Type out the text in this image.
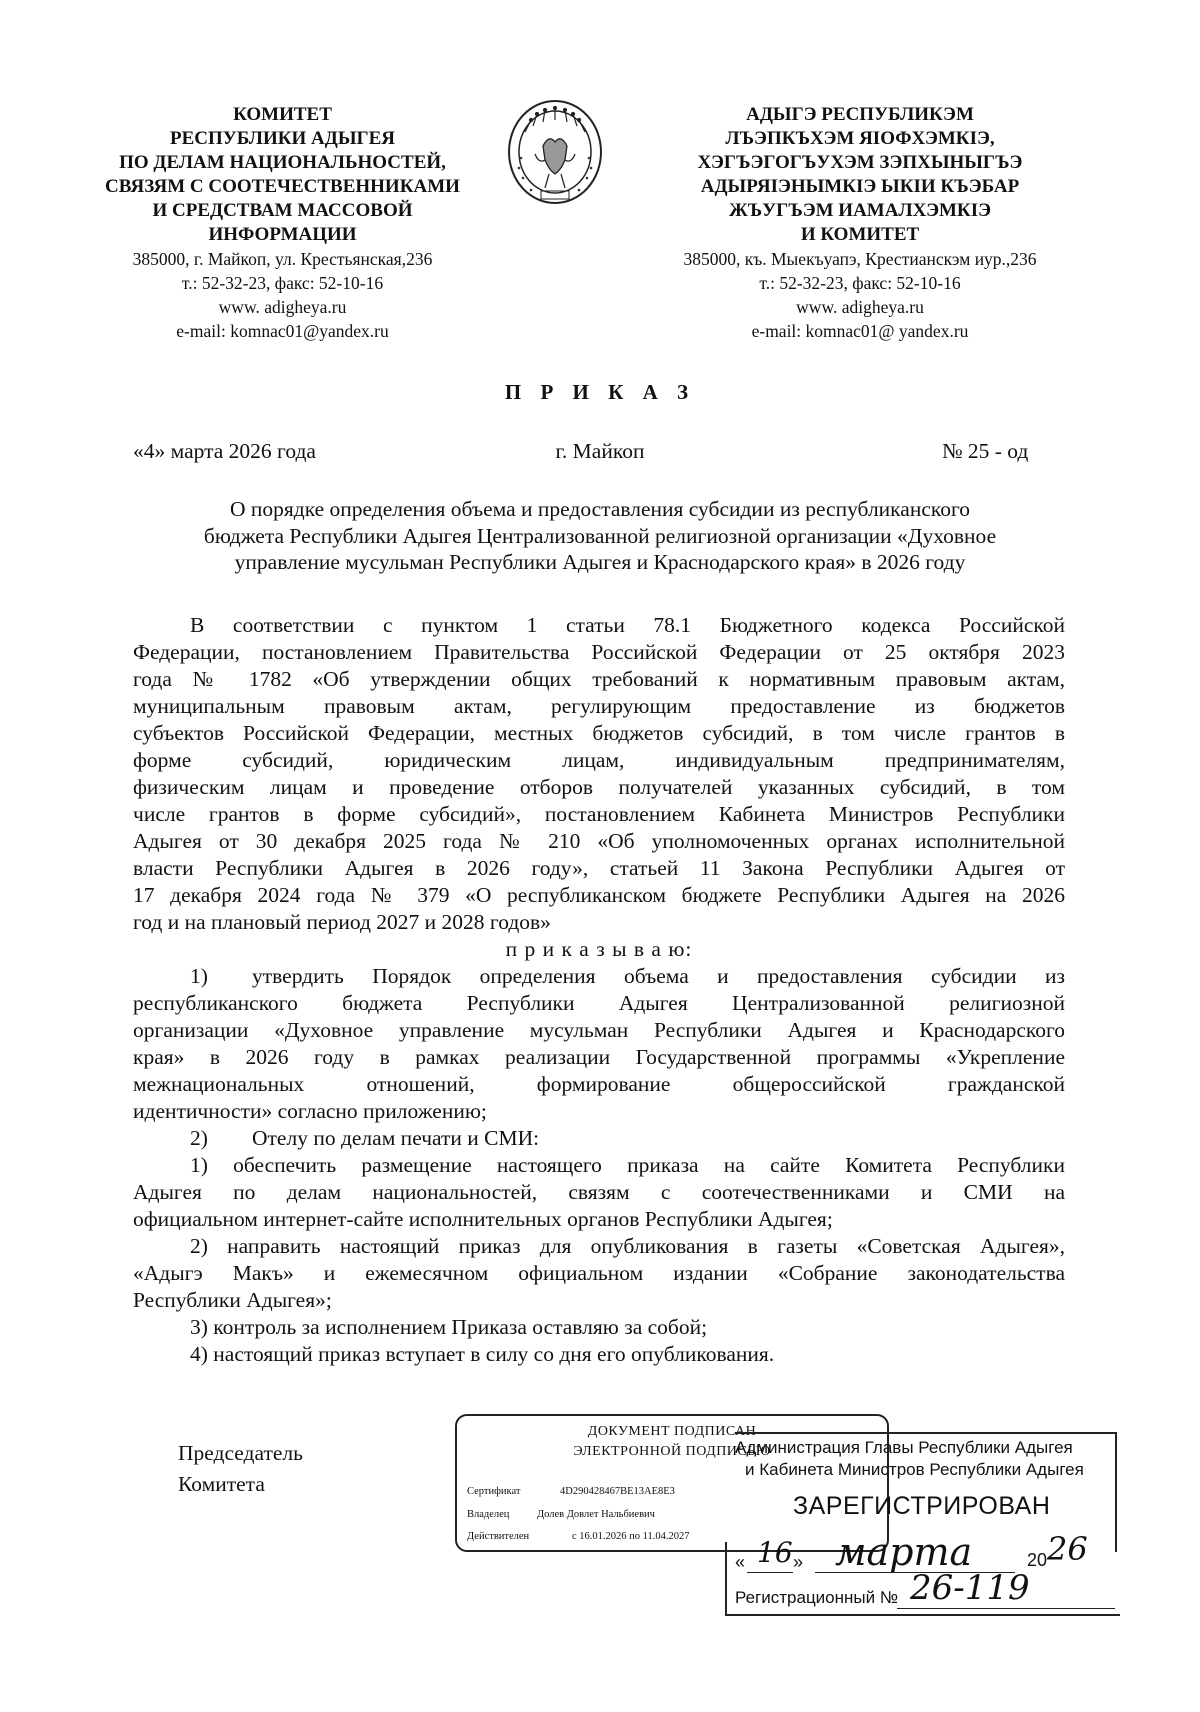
КОМИТЕТ
РЕСПУБЛИКИ АДЫГЕЯ
ПО ДЕЛАМ НАЦИОНАЛЬНОСТЕЙ,
СВЯЗЯМ С СООТЕЧЕСТВЕННИКАМИ
И СРЕДСТВАМ МАССОВОЙ
ИНФОРМАЦИИ
385000, г. Майкоп, ул. Крестьянская,236
т.: 52-32-23, факс: 52-10-16
www. adigheya.ru
e-mail: komnac01@yandex.ru
АДЫГЭ РЕСПУБЛИКЭМ
ЛЪЭПКЪХЭМ ЯIОФХЭМКIЭ,
ХЭГЪЭГОГЪУХЭМ ЗЭПХЫНЫГЪЭ
АДЫРЯIЭНЫМКIЭ ЫКIИ КЪЭБАР
ЖЪУГЪЭМ ИАМАЛХЭМКIЭ
И КОМИТЕТ
385000, къ. Мыекъуапэ, Крестианскэм иур.,236
т.: 52-32-23, факс: 52-10-16
www. adigheya.ru
e-mail: komnac01@ yandex.ru
П Р И К А З
«4» марта 2026 года	г. Майкоп	№ 25 - од
О порядке определения объема и предоставления субсидии из республиканского
бюджета Республики Адыгея Централизованной религиозной организации «Духовное
управление мусульман Республики Адыгея и Краснодарского края» в 2026 году
В соответствии с пунктом 1 статьи 78.1 Бюджетного кодекса Российской
Федерации, постановлением Правительства Российской Федерации от 25 октября 2023
года № 1782 «Об утверждении общих требований к нормативным правовым актам,
муниципальным правовым актам, регулирующим предоставление из бюджетов
субъектов Российской Федерации, местных бюджетов субсидий, в том числе грантов в
форме субсидий, юридическим лицам, индивидуальным предпринимателям,
физическим лицам и проведение отборов получателей указанных субсидий, в том
числе грантов в форме субсидий», постановлением Кабинета Министров Республики
Адыгея от 30 декабря 2025 года № 210 «Об уполномоченных органах исполнительной
власти Республики Адыгея в 2026 году», статьей 11 Закона Республики Адыгея от
17 декабря 2024 года № 379 «О республиканском бюджете Республики Адыгея на 2026
год и на плановый период 2027 и 2028 годов»
п р и к а з ы в а ю:
1) утвердить Порядок определения объема и предоставления субсидии из
республиканского бюджета Республики Адыгея Централизованной религиозной
организации «Духовное управление мусульман Республики Адыгея и Краснодарского
края» в 2026 году в рамках реализации Государственной программы «Укрепление
межнациональных отношений, формирование общероссийской гражданской
идентичности» согласно приложению;
2) Отелу по делам печати и СМИ:
1) обеспечить размещение настоящего приказа на сайте Комитета Республики
Адыгея по делам национальностей, связям с соотечественниками и СМИ на
официальном интернет-сайте исполнительных органов Республики Адыгея;
2) направить настоящий приказ для опубликования в газеты «Советская Адыгея»,
«Адыгэ Макъ» и ежемесячном официальном издании «Собрание законодательства
Республики Адыгея»;
3) контроль за исполнением Приказа оставляю за собой;
4) настоящий приказ вступает в силу со дня его опубликования.
Председатель
Комитета
ДОКУМЕНТ ПОДПИСАН
ЭЛЕКТРОННОЙ ПОДПИСЬЮ
Сертификат	4D290428467BE13AE8E3
Владелец	Долев Довлет Нальбиевич
Действителен	с 16.01.2026 по 11.04.2027
Администрация Главы Республики Адыгея
и Кабинета Министров Республики Адыгея
ЗАРЕГИСТРИРОВАН
« 16 » марта	20 26
Регистрационный № 26-119
